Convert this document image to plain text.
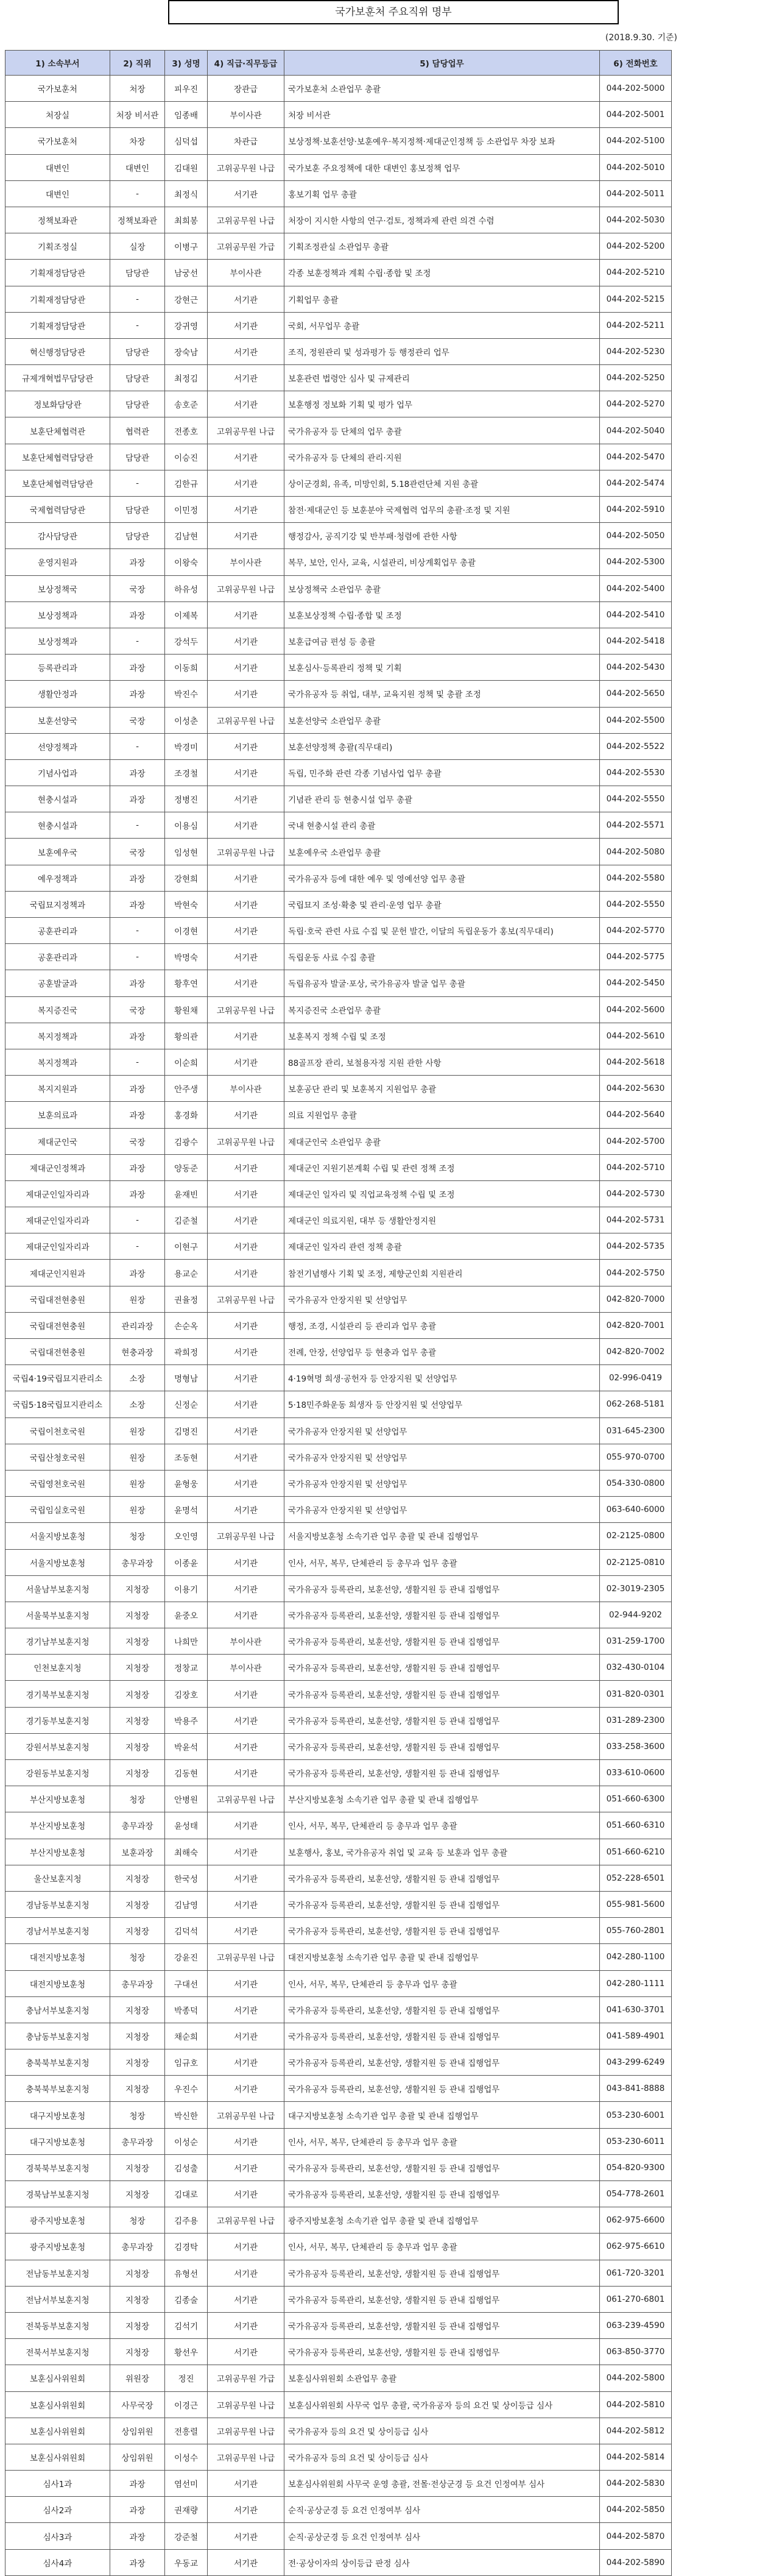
국가보훈처 주요직위 명부
(2018.9.30. 기준)
1) 소속부서	2) 직위	3) 성명	4) 직급·직무등급	5) 담당업무	6) 전화번호
국가보훈처	처장	피우진	장관급	국가보훈처 소관업무 총괄	044-202-5000
처장실	처장 비서관	임종배	부이사관	처장 비서관	044-202-5001
국가보훈처	차장	심덕섭	차관급	보상정책·보훈선양·보훈예우·복지정책·제대군인정책 등 소관업무 차장 보좌	044-202-5100
대변인	대변인	김대원	고위공무원 나급	국가보훈 주요정책에 대한 대변인 홍보정책 업무	044-202-5010
대변인	-	최정식	서기관	홍보기획 업무 총괄	044-202-5011
정책보좌관	정책보좌관	최희봉	고위공무원 나급	처장이 지시한 사항의 연구·검토, 정책과제 관련 의견 수렴	044-202-5030
기획조정실	실장	이병구	고위공무원 가급	기획조정관실 소관업무 총괄	044-202-5200
기획재정담당관	담당관	남궁선	부이사관	각종 보훈정책과 계획 수립·종합 및 조정	044-202-5210
기획재정담당관	-	강현근	서기관	기획업무 총괄	044-202-5215
기획재정담당관	-	강귀영	서기관	국회, 서무업무 총괄	044-202-5211
혁신행정담당관	담당관	장숙남	서기관	조직, 정원관리 및 성과평가 등 행정관리 업무	044-202-5230
규제개혁법무담당관	담당관	최정김	서기관	보훈관련 법령안 심사 및 규제관리	044-202-5250
정보화담당관	담당관	송호준	서기관	보훈행정 정보화 기획 및 평가 업무	044-202-5270
보훈단체협력관	협력관	전종호	고위공무원 나급	국가유공자 등 단체의 업무 총괄	044-202-5040
보훈단체협력담당관	담당관	이승진	서기관	국가유공자 등 단체의 관리·지원	044-202-5470
보훈단체협력담당관	-	김한규	서기관	상이군경회, 유족, 미망인회, 5.18관련단체 지원 총괄	044-202-5474
국제협력담당관	담당관	이민정	서기관	참전·제대군인 등 보훈분야 국제협력 업무의 총괄·조정 및 지원	044-202-5910
감사담당관	담당관	김남현	서기관	행정감사, 공직기강 및 반부패·청렴에 관한 사항	044-202-5050
운영지원과	과장	이왕숙	부이사관	복무, 보안, 인사, 교육, 시설관리, 비상계획업무 총괄	044-202-5300
보상정책국	국장	하유성	고위공무원 나급	보상정책국 소관업무 총괄	044-202-5400
보상정책과	과장	이제복	서기관	보훈보상정책 수립·종합 및 조정	044-202-5410
보상정책과	-	강석두	서기관	보훈급여금 편성 등 총괄	044-202-5418
등록관리과	과장	이동희	서기관	보훈심사·등록관리 정책 및 기획	044-202-5430
생활안정과	과장	박진수	서기관	국가유공자 등 취업, 대부, 교육지원 정책 및 총괄 조정	044-202-5650
보훈선양국	국장	이성춘	고위공무원 나급	보훈선양국 소관업무 총괄	044-202-5500
선양정책과	-	박경미	서기관	보훈선양정책 총괄(직무대리)	044-202-5522
기념사업과	과장	조경철	서기관	독립, 민주화 관련 각종 기념사업 업무 총괄	044-202-5530
현충시설과	과장	정병진	서기관	기념관 관리 등 현충시설 업무 총괄	044-202-5550
현충시설과	-	이용심	서기관	국내 현충시설 관리 총괄	044-202-5571
보훈예우국	국장	임성현	고위공무원 나급	보훈예우국 소관업무 총괄	044-202-5080
예우정책과	과장	강현희	서기관	국가유공자 등에 대한 예우 및 영예선양 업무 총괄	044-202-5580
국립묘지정책과	과장	박현숙	서기관	국립묘지 조성·확충 및 관리·운영 업무 총괄	044-202-5550
공훈관리과	-	이경현	서기관	독립·호국 관련 사료 수집 및 문헌 발간, 이달의 독립운동가 홍보(직무대리)	044-202-5770
공훈관리과	-	박명숙	서기관	독립운동 사료 수집 총괄	044-202-5775
공훈발굴과	과장	황후연	서기관	독립유공자 발굴·포상, 국가유공자 발굴 업무 총괄	044-202-5450
복지증진국	국장	황원채	고위공무원 나급	복지증진국 소관업무 총괄	044-202-5600
복지정책과	과장	황의관	서기관	보훈복지 정책 수립 및 조정	044-202-5610
복지정책과	-	이순희	서기관	88골프장 관리, 보철용자정 지원 관한 사항	044-202-5618
복지지원과	과장	안주생	부이사관	보훈공단 관리 및 보훈복지 지원업무 총괄	044-202-5630
보훈의료과	과장	홍경화	서기관	의료 지원업무 총괄	044-202-5640
제대군인국	국장	김광수	고위공무원 나급	제대군인국 소관업무 총괄	044-202-5700
제대군인정책과	과장	양동준	서기관	제대군인 지원기본계획 수립 및 관련 정책 조정	044-202-5710
제대군인일자리과	과장	윤재빈	서기관	제대군인 일자리 및 직업교육정책 수립 및 조정	044-202-5730
제대군인일자리과	-	김준철	서기관	제대군인 의료지원, 대부 등 생활안정지원	044-202-5731
제대군인일자리과	-	이현구	서기관	제대군인 일자리 관련 정책 총괄	044-202-5735
제대군인지원과	과장	용교순	서기관	참전기념행사 기획 및 조정, 제향군인회 지원관리	044-202-5750
국립대전현충원	원장	권율정	고위공무원 나급	국가유공자 안장지원 및 선양업무	042-820-7000
국립대전현충원	관리과장	손순옥	서기관	행정, 조경, 시설관리 등 관리과 업무 총괄	042-820-7001
국립대전현충원	현충과장	곽희정	서기관	전례, 안장, 선양업무 등 현충과 업무 총괄	042-820-7002
국립4·19국립묘지관리소	소장	명형남	서기관	4·19혁명 희생·공헌자 등 안장지원 및 선양업무	02-996-0419
국립5·18국립묘지관리소	소장	신정순	서기관	5·18민주화운동 희생자 등 안장지원 및 선양업무	062-268-5181
국립이천호국원	원장	김명진	서기관	국가유공자 안장지원 및 선양업무	031-645-2300
국립산청호국원	원장	조동현	서기관	국가유공자 안장지원 및 선양업무	055-970-0700
국립영천호국원	원장	윤형웅	서기관	국가유공자 안장지원 및 선양업무	054-330-0800
국립임실호국원	원장	윤명석	서기관	국가유공자 안장지원 및 선양업무	063-640-6000
서울지방보훈청	청장	오인영	고위공무원 나급	서울지방보훈청 소속기관 업무 총괄 및 관내 집행업무	02-2125-0800
서울지방보훈청	총무과장	이종윤	서기관	인사, 서무, 복무, 단체관리 등 총무과 업무 총괄	02-2125-0810
서울남부보훈지청	지청장	이용기	서기관	국가유공자 등록관리, 보훈선양, 생활지원 등 관내 집행업무	02-3019-2305
서울북부보훈지청	지청장	윤중오	서기관	국가유공자 등록관리, 보훈선양, 생활지원 등 관내 집행업무	02-944-9202
경기남부보훈지청	지청장	나희만	부이사관	국가유공자 등록관리, 보훈선양, 생활지원 등 관내 집행업무	031-259-1700
인천보훈지청	지청장	정창교	부이사관	국가유공자 등록관리, 보훈선양, 생활지원 등 관내 집행업무	032-430-0104
경기북부보훈지청	지청장	김장호	서기관	국가유공자 등록관리, 보훈선양, 생활지원 등 관내 집행업무	031-820-0301
경기동부보훈지청	지청장	박용주	서기관	국가유공자 등록관리, 보훈선양, 생활지원 등 관내 집행업무	031-289-2300
강원서부보훈지청	지청장	박윤석	서기관	국가유공자 등록관리, 보훈선양, 생활지원 등 관내 집행업무	033-258-3600
강원동부보훈지청	지청장	김동현	서기관	국가유공자 등록관리, 보훈선양, 생활지원 등 관내 집행업무	033-610-0600
부산지방보훈청	청장	안병원	고위공무원 나급	부산지방보훈청 소속기관 업무 총괄 및 관내 집행업무	051-660-6300
부산지방보훈청	총무과장	윤성태	서기관	인사, 서무, 복무, 단체관리 등 총무과 업무 총괄	051-660-6310
부산지방보훈청	보훈과장	최해숙	서기관	보훈행사, 홍보, 국가유공자 취업 및 교육 등 보훈과 업무 총괄	051-660-6210
울산보훈지청	지청장	한국성	서기관	국가유공자 등록관리, 보훈선양, 생활지원 등 관내 집행업무	052-228-6501
경남동부보훈지청	지청장	김남영	서기관	국가유공자 등록관리, 보훈선양, 생활지원 등 관내 집행업무	055-981-5600
경남서부보훈지청	지청장	김덕석	서기관	국가유공자 등록관리, 보훈선양, 생활지원 등 관내 집행업무	055-760-2801
대전지방보훈청	청장	강윤진	고위공무원 나급	대전지방보훈청 소속기관 업무 총괄 및 관내 집행업무	042-280-1100
대전지방보훈청	총무과장	구대선	서기관	인사, 서무, 복무, 단체관리 등 총무과 업무 총괄	042-280-1111
충남서부보훈지청	지청장	박종덕	서기관	국가유공자 등록관리, 보훈선양, 생활지원 등 관내 집행업무	041-630-3701
충남동부보훈지청	지청장	채순희	서기관	국가유공자 등록관리, 보훈선양, 생활지원 등 관내 집행업무	041-589-4901
충북북부보훈지청	지청장	임규호	서기관	국가유공자 등록관리, 보훈선양, 생활지원 등 관내 집행업무	043-299-6249
충북북부보훈지청	지청장	우진수	서기관	국가유공자 등록관리, 보훈선양, 생활지원 등 관내 집행업무	043-841-8888
대구지방보훈청	청장	박신한	고위공무원 나급	대구지방보훈청 소속기관 업무 총괄 및 관내 집행업무	053-230-6001
대구지방보훈청	총무과장	이성순	서기관	인사, 서무, 복무, 단체관리 등 총무과 업무 총괄	053-230-6011
경북북부보훈지청	지청장	김성출	서기관	국가유공자 등록관리, 보훈선양, 생활지원 등 관내 집행업무	054-820-9300
경북남부보훈지청	지청장	김대로	서기관	국가유공자 등록관리, 보훈선양, 생활지원 등 관내 집행업무	054-778-2601
광주지방보훈청	청장	김주용	고위공무원 나급	광주지방보훈청 소속기관 업무 총괄 및 관내 집행업무	062-975-6600
광주지방보훈청	총무과장	김경탁	서기관	인사, 서무, 복무, 단체관리 등 총무과 업무 총괄	062-975-6610
전남동부보훈지청	지청장	유형선	서기관	국가유공자 등록관리, 보훈선양, 생활지원 등 관내 집행업무	061-720-3201
전남서부보훈지청	지청장	김종술	서기관	국가유공자 등록관리, 보훈선양, 생활지원 등 관내 집행업무	061-270-6801
전북동부보훈지청	지청장	김석기	서기관	국가유공자 등록관리, 보훈선양, 생활지원 등 관내 집행업무	063-239-4590
전북서부보훈지청	지청장	황선우	서기관	국가유공자 등록관리, 보훈선양, 생활지원 등 관내 집행업무	063-850-3770
보훈심사위원회	위원장	정진	고위공무원 가급	보훈심사위원회 소관업무 총괄	044-202-5800
보훈심사위원회	사무국장	이경근	고위공무원 나급	보훈심사위원회 사무국 업무 총괄, 국가유공자 등의 요건 및 상이등급 심사	044-202-5810
보훈심사위원회	상임위원	전흥렬	고위공무원 나급	국가유공자 등의 요건 및 상이등급 심사	044-202-5812
보훈심사위원회	상임위원	이성수	고위공무원 나급	국가유공자 등의 요건 및 상이등급 심사	044-202-5814
심사1과	과장	염선미	서기관	보훈심사위원회 사무국 운영 총괄, 전몰·전상군경 등 요건 인정여부 심사	044-202-5830
심사2과	과장	권재량	서기관	순직·공상군경 등 요건 인정여부 심사	044-202-5850
심사3과	과장	강준철	서기관	순직·공상군경 등 요건 인정여부 심사	044-202-5870
심사4과	과장	우동교	서기관	전·공상이자의 상이등급 판정 심사	044-202-5890
